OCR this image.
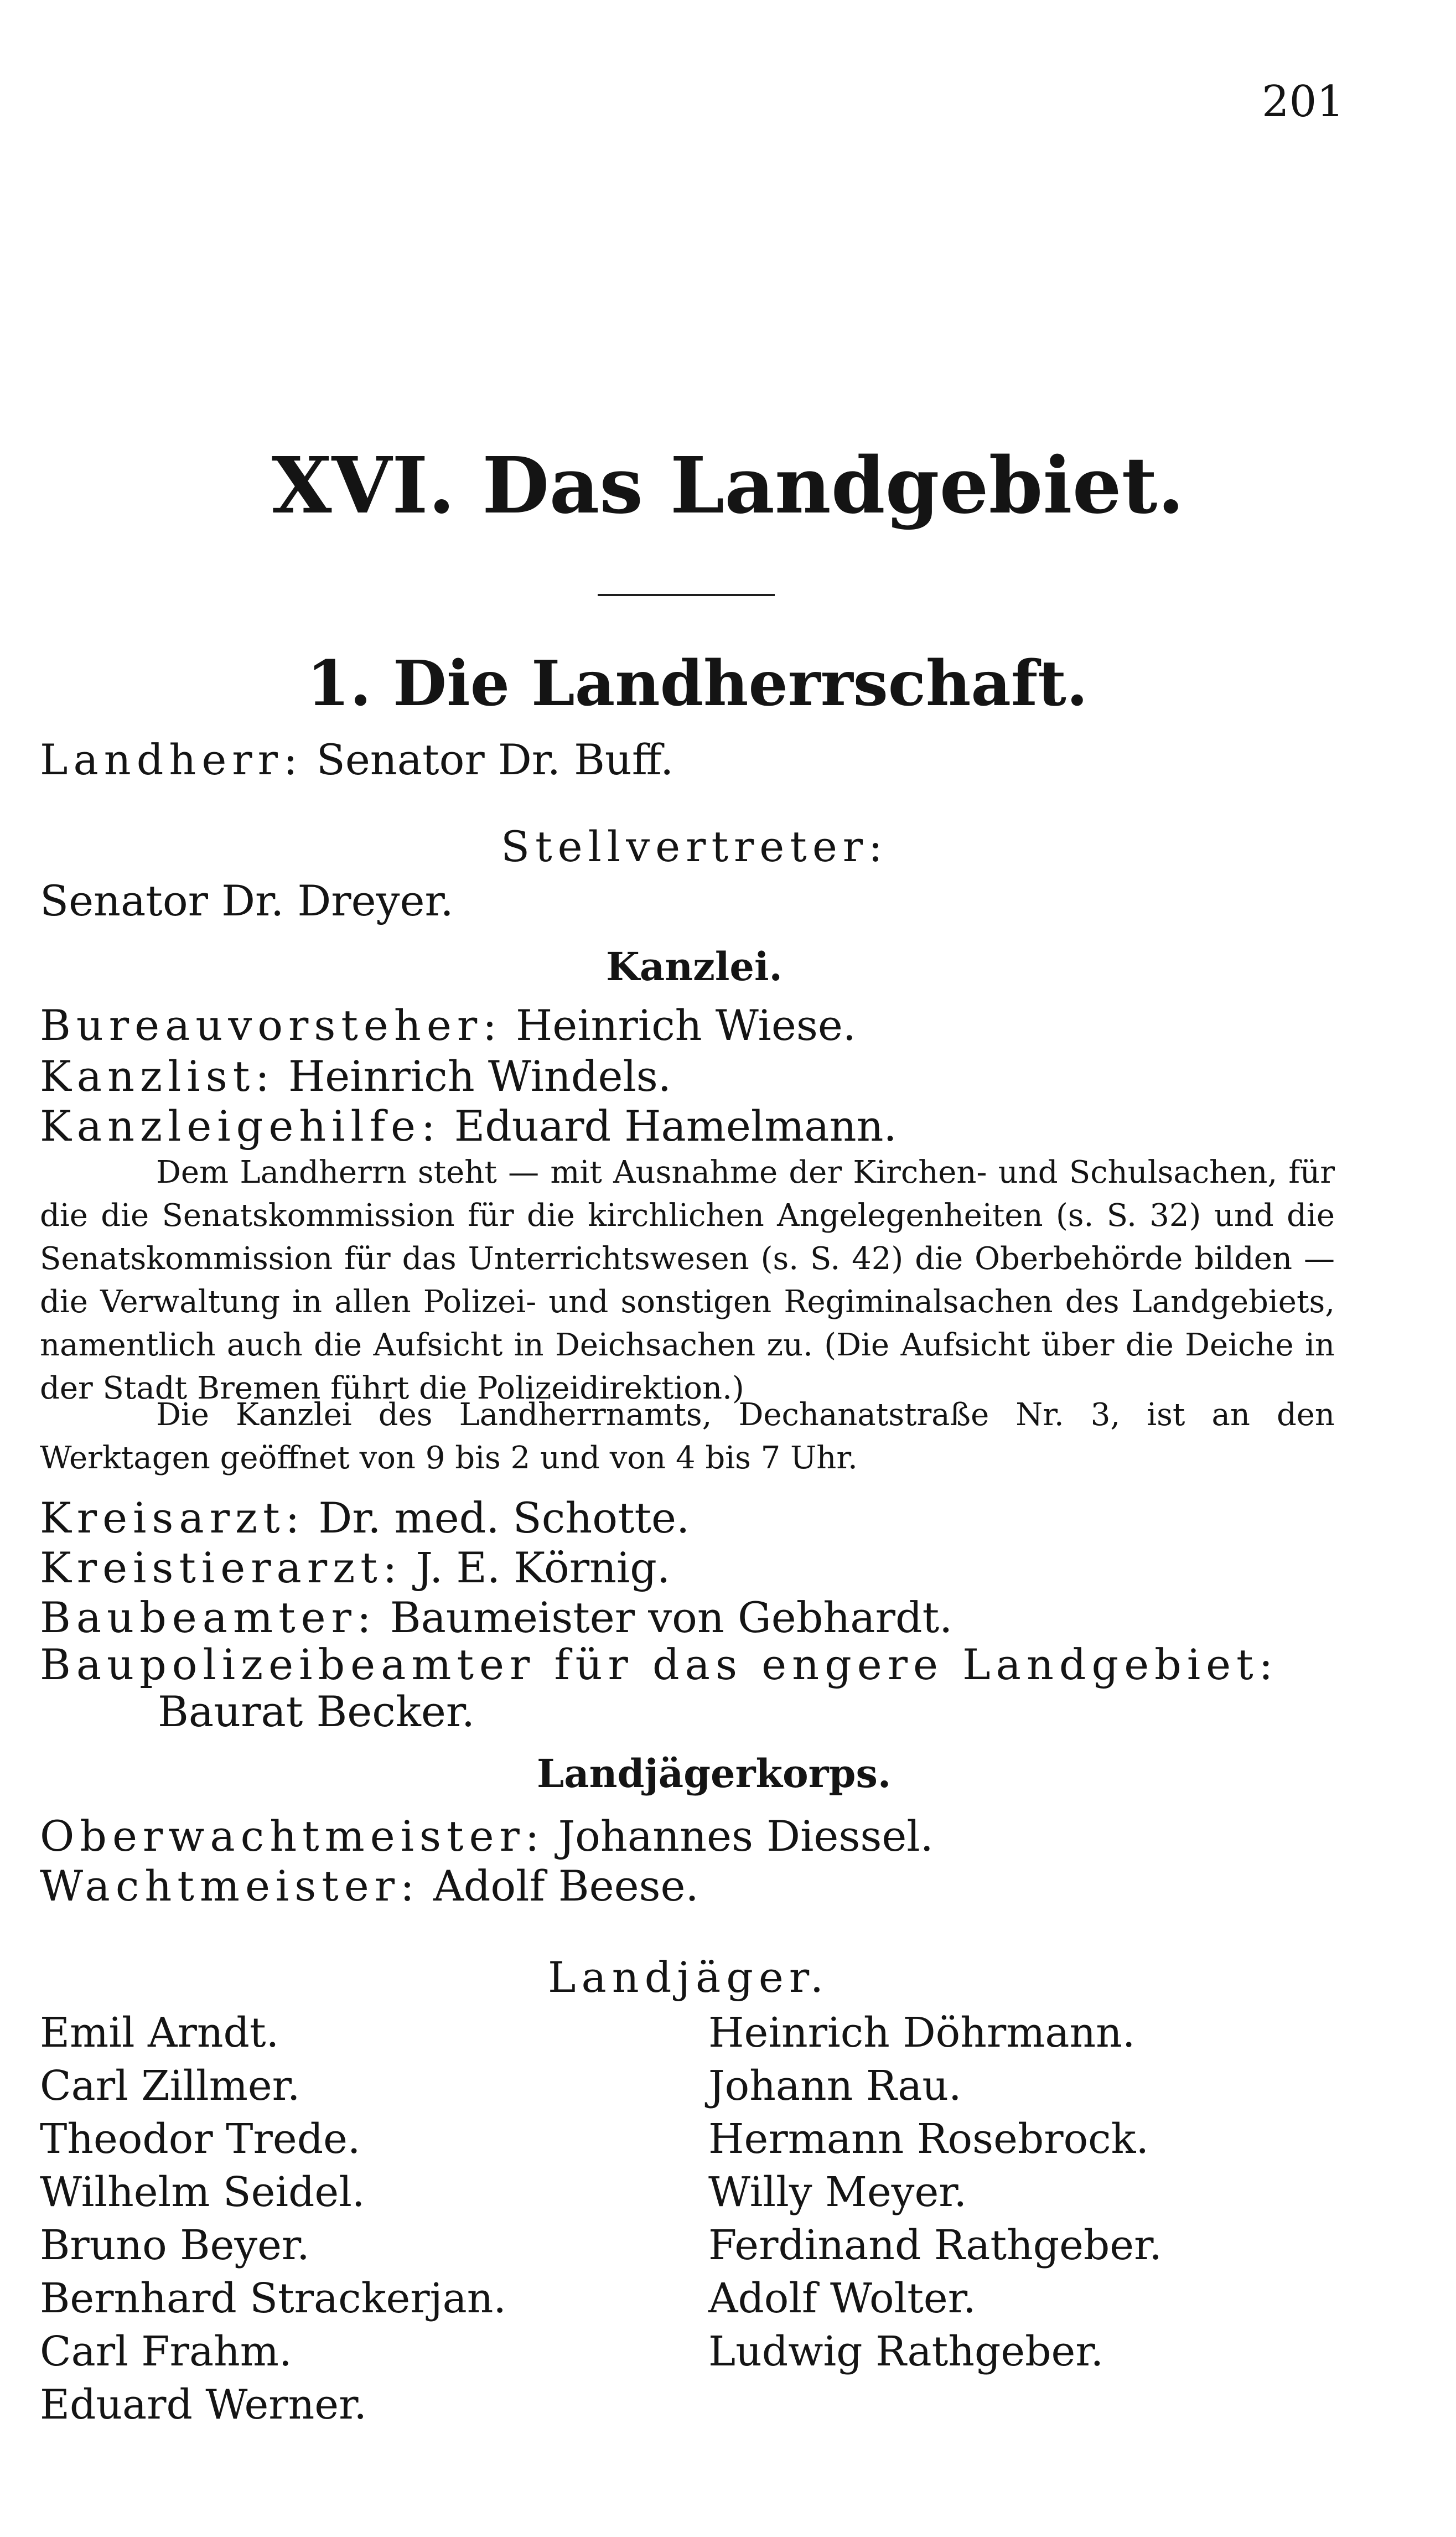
201
XVI. Das Landgebiet.
1. Die Landherrschaft.
Landherr: Senator Dr. Buff.
Stellvertreter:
Senator Dr. Dreyer.
Kanzlei.
Bureauvorsteher: Heinrich Wiese.
Kanzlist: Heinrich Windels.
Kanzleigehilfe: Eduard Hamelmann.
Dem Landherrn steht — mit Ausnahme der Kirchen- und Schulsachen, für die die Senatskommission für die kirchlichen Angelegenheiten (s. S. 32) und die Senatskommission für das Unterrichtswesen (s. S. 42) die Oberbehörde bilden — die Verwaltung in allen Polizei- und sonstigen Regiminalsachen des Landgebiets, namentlich auch die Aufsicht in Deichsachen zu. (Die Aufsicht über die Deiche in der Stadt Bremen führt die Polizeidirektion.)
Die Kanzlei des Landherrnamts, Dechanatstraße Nr. 3, ist an den Werktagen geöffnet von 9 bis 2 und von 4 bis 7 Uhr.
Kreisarzt: Dr. med. Schotte.
Kreistierarzt: J. E. Körnig.
Baubeamter: Baumeister von Gebhardt.
Baupolizeibeamter für das engere Landgebiet:
Baurat Becker.
Landjägerkorps.
Oberwachtmeister: Johannes Diessel.
Wachtmeister: Adolf Beese.
Landjäger.
Emil Arndt.
Carl Zillmer.
Theodor Trede.
Wilhelm Seidel.
Bruno Beyer.
Bernhard Strackerjan.
Carl Frahm.
Eduard Werner.
Heinrich Döhrmann.
Johann Rau.
Hermann Rosebrock.
Willy Meyer.
Ferdinand Rathgeber.
Adolf Wolter.
Ludwig Rathgeber.
